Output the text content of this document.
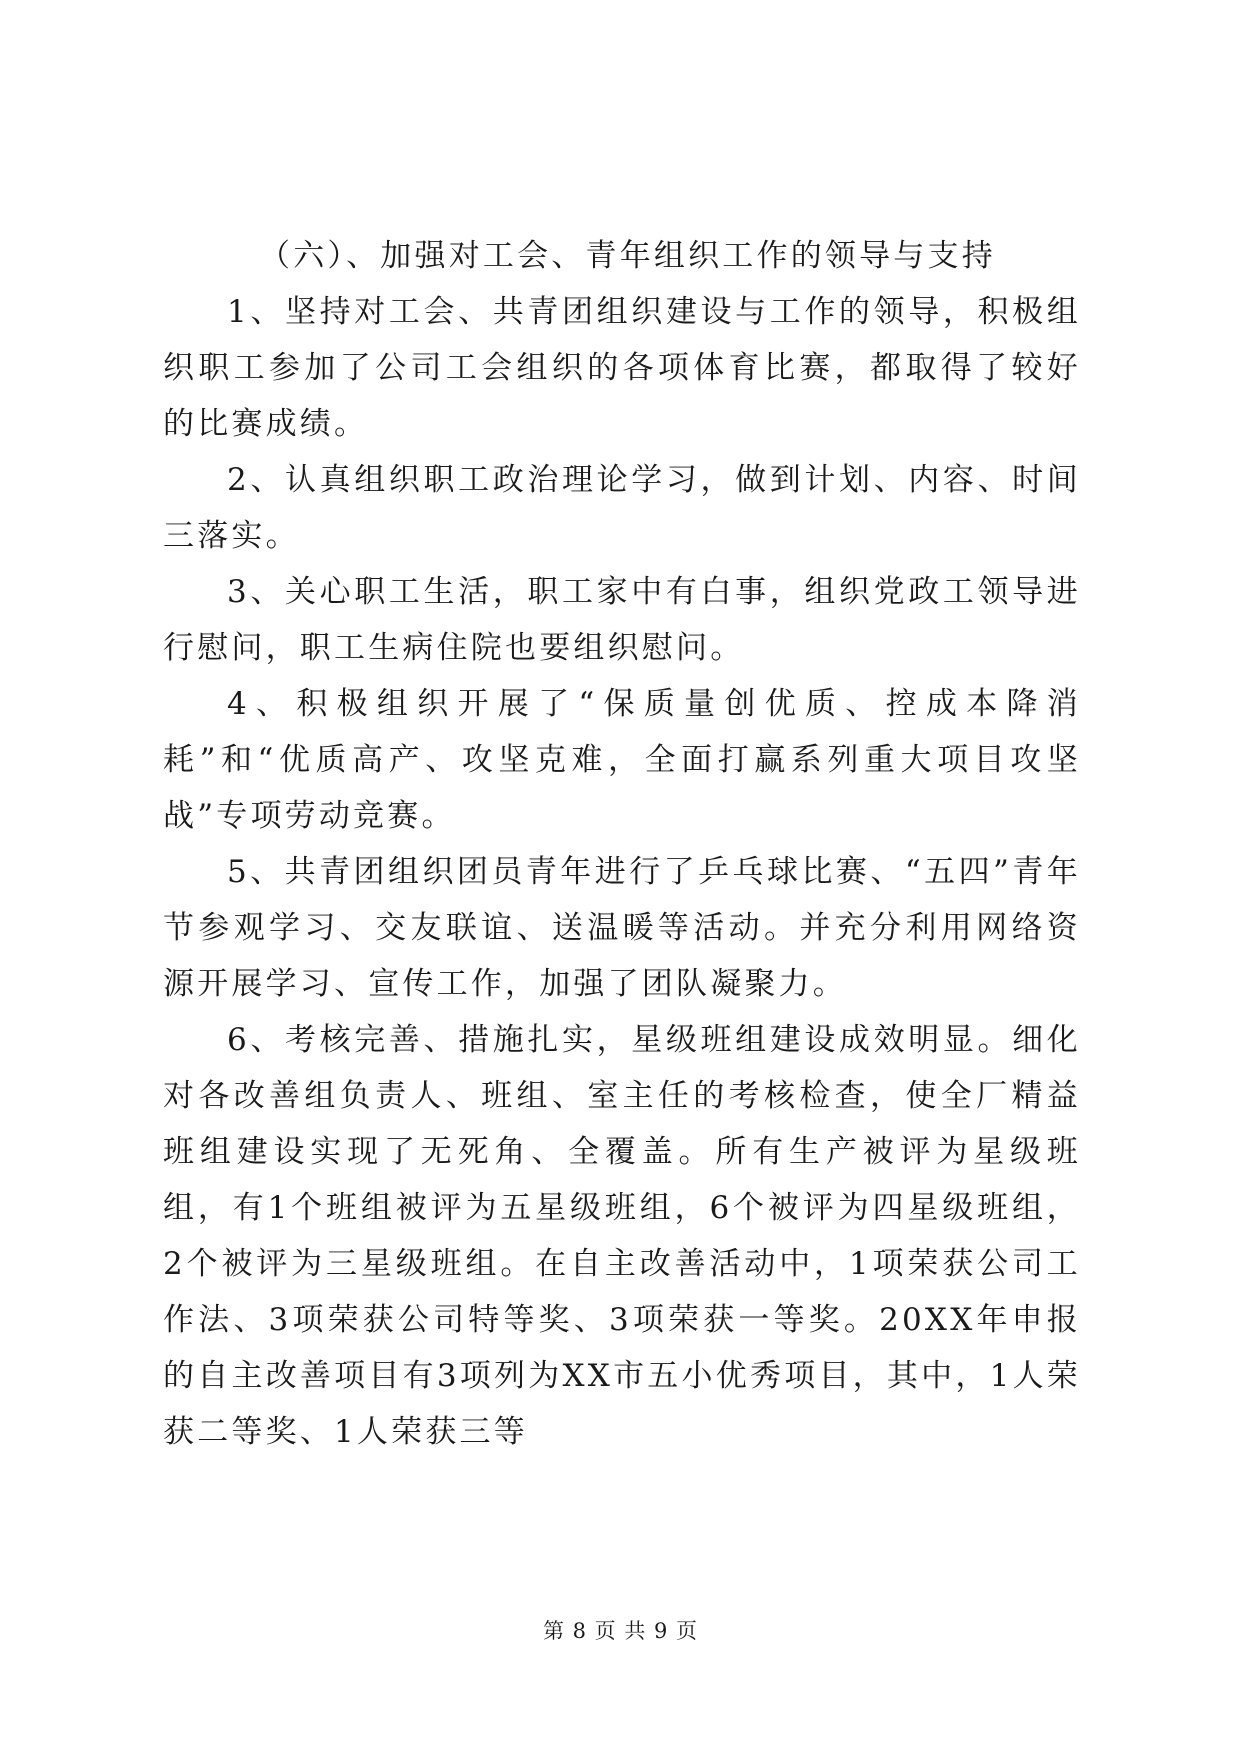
（六）、加强对工会、青年组织工作的领导与支持

1、坚持对工会、共青团组织建设与工作的领导，积极组织职工参加了公司工会组织的各项体育比赛，都取得了较好的比赛成绩。

2、认真组织职工政治理论学习，做到计划、内容、时间三落实。

3、关心职工生活，职工家中有白事，组织党政工领导进行慰问，职工生病住院也要组织慰问。

4、积极组织开展了“保质量创优质、控成本降消耗”和“优质高产、攻坚克难，全面打赢系列重大项目攻坚战”专项劳动竞赛。

5、共青团组织团员青年进行了乒乓球比赛、“五四”青年节参观学习、交友联谊、送温暖等活动。并充分利用网络资源开展学习、宣传工作，加强了团队凝聚力。

6、考核完善、措施扎实，星级班组建设成效明显。细化对各改善组负责人、班组、室主任的考核检查，使全厂精益班组建设实现了无死角、全覆盖。所有生产被评为星级班组，有1个班组被评为五星级班组，6个被评为四星级班组，2个被评为三星级班组。在自主改善活动中，1项荣获公司工作法、3项荣获公司特等奖、3项荣获一等奖。20XX年申报的自主改善项目有3项列为XX市五小优秀项目，其中，1人荣获二等奖、1人荣获三等

第 8 页 共 9 页
